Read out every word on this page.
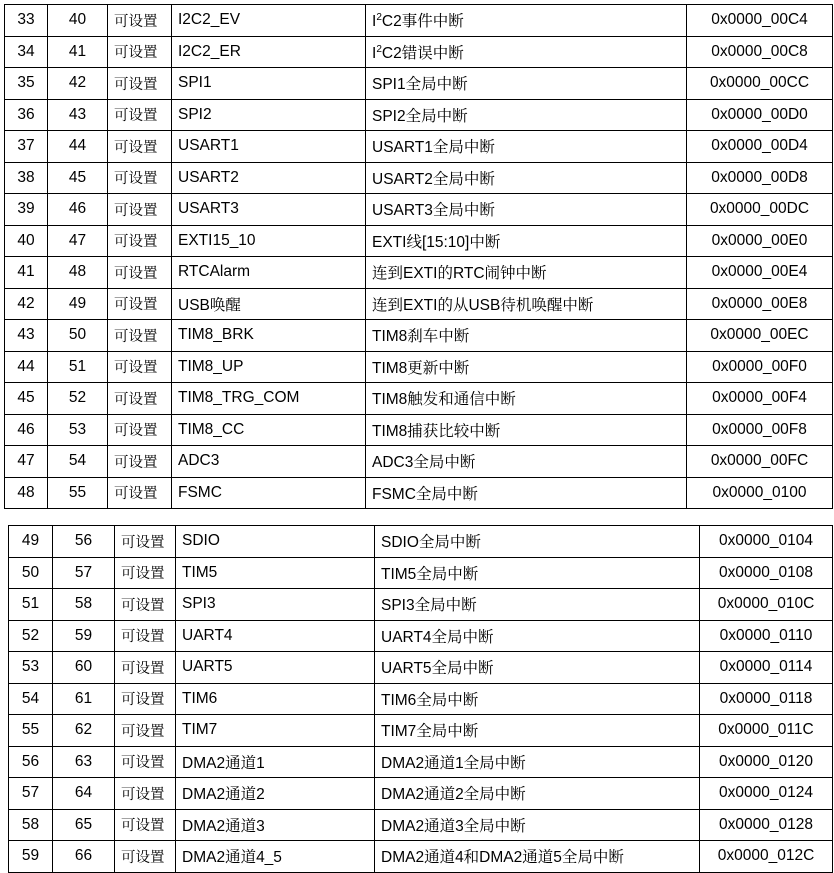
33	40	可设置	I2C2_EV	$I^2C2$事件中断	0x0000_00C4
34	41	可设置	I2C2_ER	$I^2C2$错误中断	0x0000_00C8
35	42	可设置	SPI1	SPI1全局中断	0x0000_00CC
36	43	可设置	SPI2	SPI2全局中断	0x0000_00D0
37	44	可设置	USART1	USART1全局中断	0x0000_00D4
38	45	可设置	USART2	USART2全局中断	0x0000_00D8
39	46	可设置	USART3	USART3全局中断	0x0000_00DC
40	47	可设置	EXTI15_10	EXTI线[15:10]中断	0x0000_00E0
41	48	可设置	RTCAlarm	连到EXTI的RTC闹钟中断	0x0000_00E4
42	49	可设置	USB唤醒	连到EXTI的从USB待机唤醒中断	0x0000_00E8
43	50	可设置	TIM8_BRK	TIM8刹车中断	0x0000_00EC
44	51	可设置	TIM8_UP	TIM8更新中断	0x0000_00F0
45	52	可设置	TIM8_TRG_COM	TIM8触发和通信中断	0x0000_00F4
46	53	可设置	TIM8_CC	TIM8捕获比较中断	0x0000_00F8
47	54	可设置	ADC3	ADC3全局中断	0x0000_00FC
48	55	可设置	FSMC	FSMC全局中断	0x0000_0100
49	56	可设置	SDIO	SDIO全局中断	0x0000_0104
50	57	可设置	TIM5	TIM5全局中断	0x0000_0108
51	58	可设置	SPI3	SPI3全局中断	0x0000_010C
52	59	可设置	UART4	UART4全局中断	0x0000_0110
53	60	可设置	UART5	UART5全局中断	0x0000_0114
54	61	可设置	TIM6	TIM6全局中断	0x0000_0118
55	62	可设置	TIM7	TIM7全局中断	0x0000_011C
56	63	可设置	DMA2通道1	DMA2通道1全局中断	0x0000_0120
57	64	可设置	DMA2通道2	DMA2通道2全局中断	0x0000_0124
58	65	可设置	DMA2通道3	DMA2通道3全局中断	0x0000_0128
59	66	可设置	DMA2通道4_5	DMA2通道4和DMA2通道5全局中断	0x0000_012C
